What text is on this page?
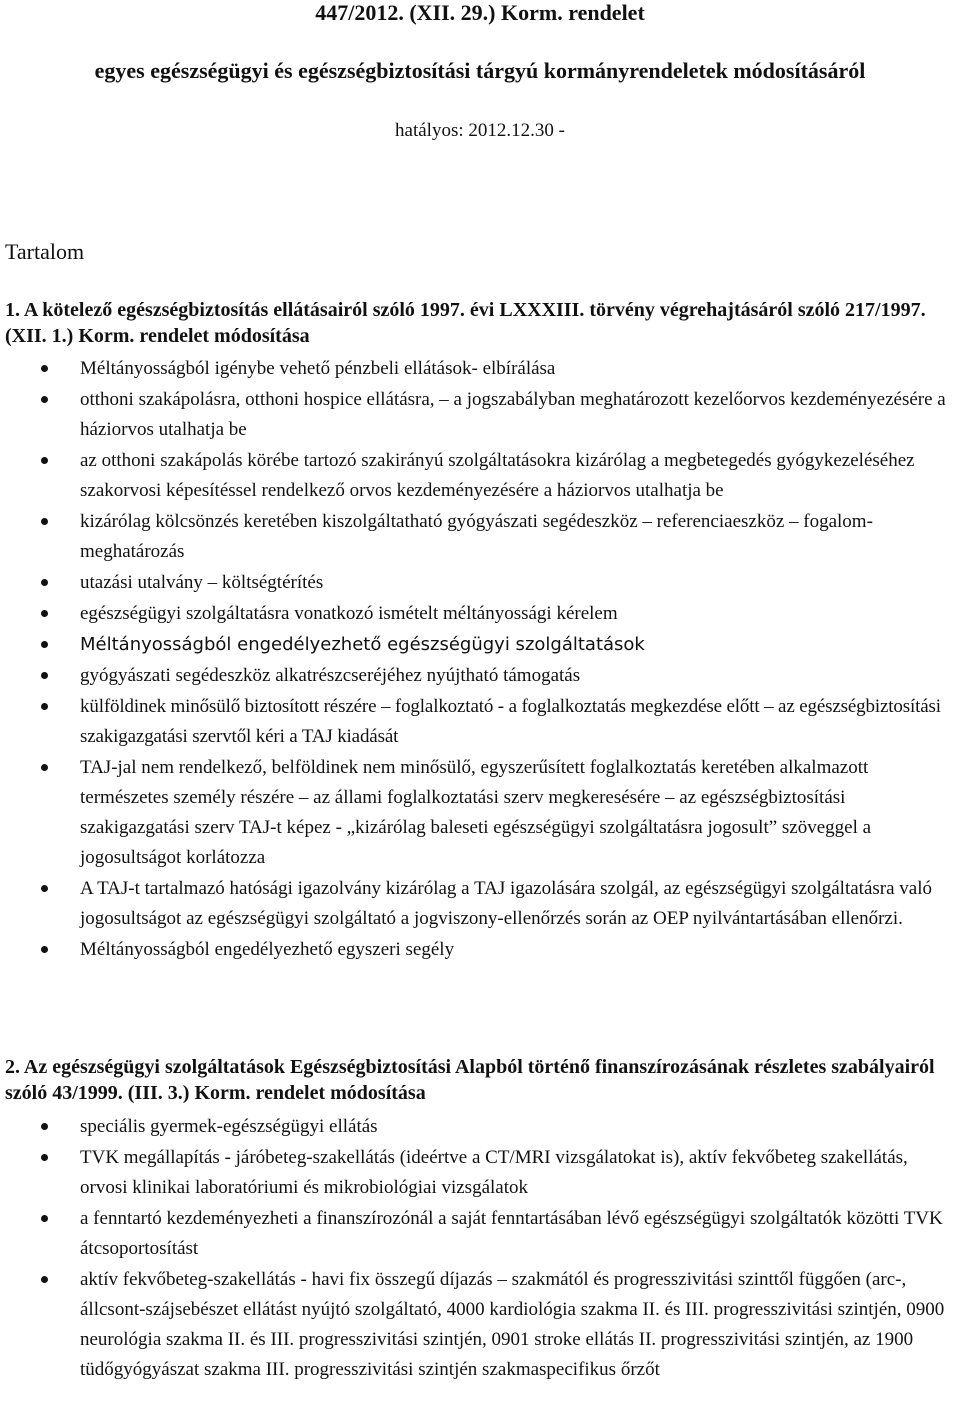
447/2012. (XII. 29.) Korm. rendelet
egyes egészségügyi és egészségbiztosítási tárgyú kormányrendeletek módosításáról
hatályos: 2012.12.30 -
Tartalom
1. A kötelező egészségbiztosítás ellátásairól szóló 1997. évi LXXXIII. törvény végrehajtásáról szóló 217/1997. (XII. 1.) Korm. rendelet módosítása
Méltányosságból igénybe vehető pénzbeli ellátások- elbírálása
otthoni szakápolásra, otthoni hospice ellátásra, – a jogszabályban meghatározott kezelőorvos kezdeményezésére a háziorvos utalhatja be
az otthoni szakápolás körébe tartozó szakirányú szolgáltatásokra kizárólag a megbetegedés gyógykezeléséhez szakorvosi képesítéssel rendelkező orvos kezdeményezésére a háziorvos utalhatja be
kizárólag kölcsönzés keretében kiszolgáltatható gyógyászati segédeszköz – referenciaeszköz – fogalom-meghatározás
utazási utalvány – költségtérítés
egészségügyi szolgáltatásra vonatkozó ismételt méltányossági kérelem
Méltányosságból engedélyezhető egészségügyi szolgáltatások
gyógyászati segédeszköz alkatrészcseréjéhez nyújtható támogatás
külföldinek minősülő biztosított részére – foglalkoztató - a foglalkoztatás megkezdése előtt – az egészségbiztosítási szakigazgatási szervtől kéri a TAJ kiadását
TAJ-jal nem rendelkező, belföldinek nem minősülő, egyszerűsített foglalkoztatás keretében alkalmazott természetes személy részére – az állami foglalkoztatási szerv megkeresésére – az egészségbiztosítási szakigazgatási szerv TAJ-t képez - „kizárólag baleseti egészségügyi szolgáltatásra jogosult” szöveggel a jogosultságot korlátozza
A TAJ-t tartalmazó hatósági igazolvány kizárólag a TAJ igazolására szolgál, az egészségügyi szolgáltatásra való jogosultságot az egészségügyi szolgáltató a jogviszony-ellenőrzés során az OEP nyilvántartásában ellenőrzi.
Méltányosságból engedélyezhető egyszeri segély
2. Az egészségügyi szolgáltatások Egészségbiztosítási Alapból történő finanszírozásának részletes szabályairól szóló 43/1999. (III. 3.) Korm. rendelet módosítása
speciális gyermek-egészségügyi ellátás
TVK megállapítás - járóbeteg-szakellátás (ideértve a CT/MRI vizsgálatokat is), aktív fekvőbeteg szakellátás, orvosi klinikai laboratóriumi és mikrobiológiai vizsgálatok
a fenntartó kezdeményezheti a finanszírozónál a saját fenntartásában lévő egészségügyi szolgáltatók közötti TVK átcsoportosítást
aktív fekvőbeteg-szakellátás - havi fix összegű díjazás – szakmától és progresszivitási szinttől függően (arc-, állcsont-szájsebészet ellátást nyújtó szolgáltató, 4000 kardiológia szakma II. és III. progresszivitási szintjén, 0900 neurológia szakma II. és III. progresszivitási szintjén, 0901 stroke ellátás II. progresszivitási szintjén, az 1900 tüdőgyógyászat szakma III. progresszivitási szintjén szakmaspecifikus őrzőt
